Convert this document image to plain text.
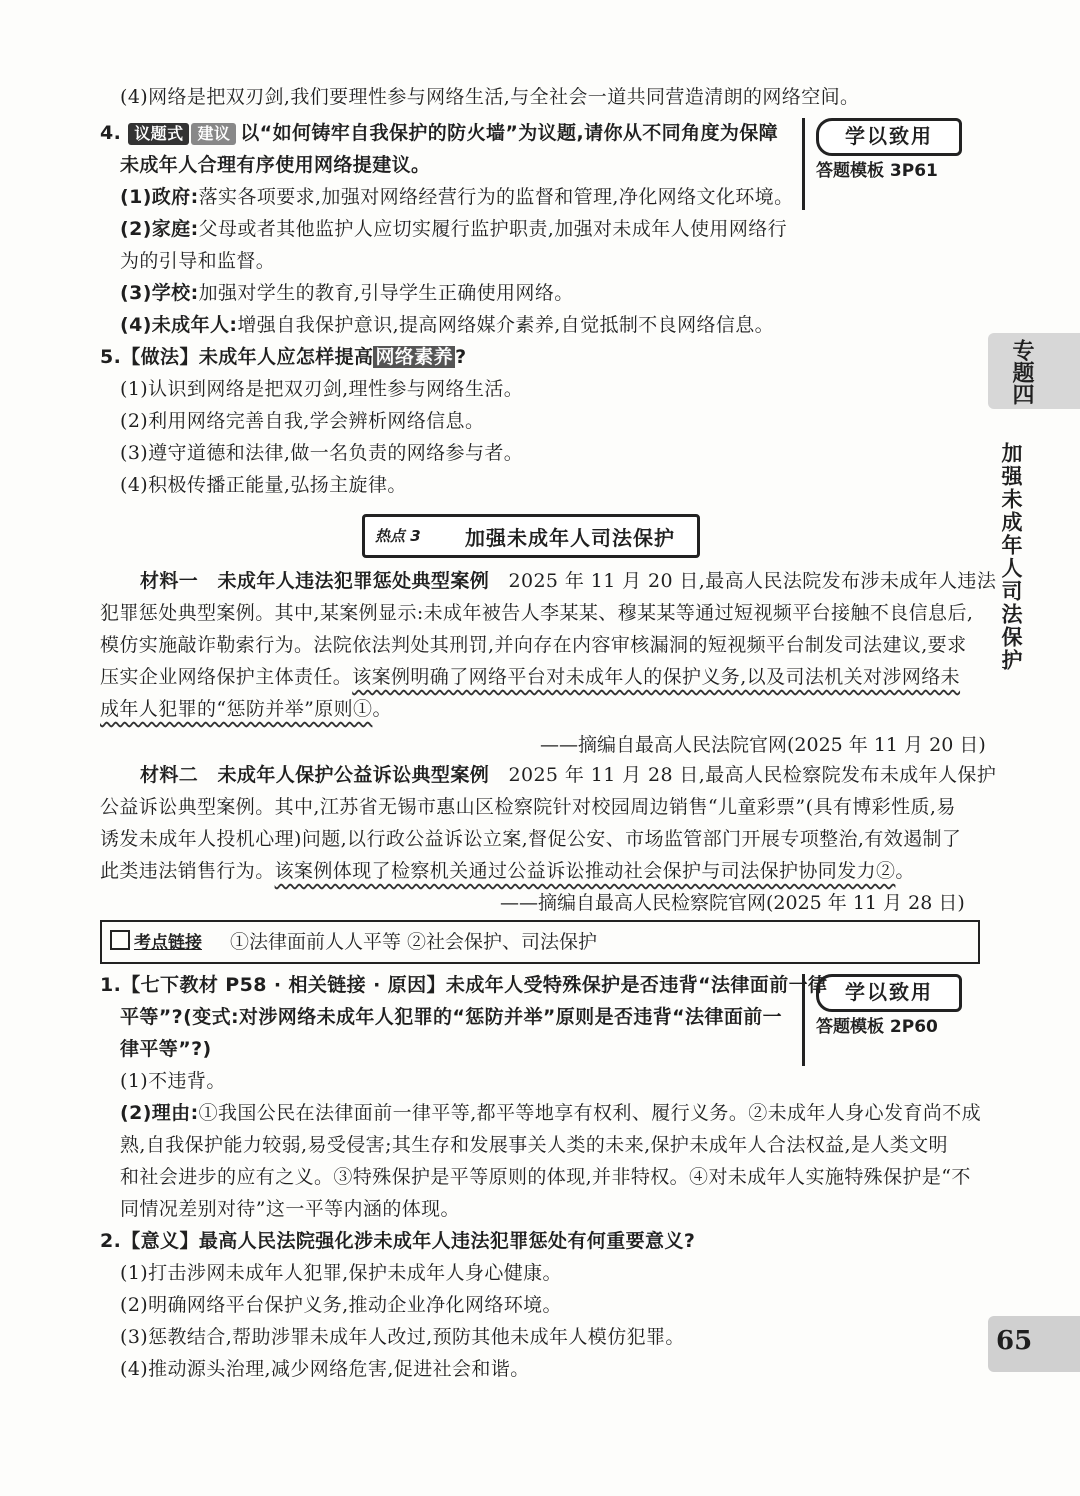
(4)网络是把双刃剑,我们要理性参与网络生活,与全社会一道共同营造清朗的网络空间。
4. 议题式 建议 以“如何铸牢自我保护的防火墙”为议题,请你从不同角度为保障
未成年人合理有序使用网络提建议。
(1)政府:落实各项要求,加强对网络经营行为的监督和管理,净化网络文化环境。
(2)家庭:父母或者其他监护人应切实履行监护职责,加强对未成年人使用网络行
为的引导和监督。
(3)学校:加强对学生的教育,引导学生正确使用网络。
(4)未成年人:增强自我保护意识,提高网络媒介素养,自觉抵制不良网络信息。
学以致用
答题模板 3P61
5.【做法】未成年人应怎样提高 网络素养 ?
(1)认识到网络是把双刃剑,理性参与网络生活。
(2)利用网络完善自我,学会辨析网络信息。
(3)遵守道德和法律,做一名负责的网络参与者。
(4)积极传播正能量,弘扬主旋律。
热点 3 加强未成年人司法保护
材料一 未成年人违法犯罪惩处典型案例 2025 年 11 月 20 日,最高人民法院发布涉未成年人违法
犯罪惩处典型案例。其中,某案例显示:未成年被告人李某某、穆某某等通过短视频平台接触不良信息后,
模仿实施敲诈勒索行为。法院依法判处其刑罚,并向存在内容审核漏洞的短视频平台制发司法建议,要求
压实企业网络保护主体责任。该案例明确了网络平台对未成年人的保护义务,以及司法机关对涉网络未
成年人犯罪的“惩防并举”原则①。
——摘编自最高人民法院官网(2025 年 11 月 20 日)
材料二 未成年人保护公益诉讼典型案例 2025 年 11 月 28 日,最高人民检察院发布未成年人保护
公益诉讼典型案例。其中,江苏省无锡市惠山区检察院针对校园周边销售“儿童彩票”(具有博彩性质,易
诱发未成年人投机心理)问题,以行政公益诉讼立案,督促公安、市场监管部门开展专项整治,有效遏制了
此类违法销售行为。该案例体现了检察机关通过公益诉讼推动社会保护与司法保护协同发力②。
——摘编自最高人民检察院官网(2025 年 11 月 28 日)
考点链接 ①法律面前人人平等 ②社会保护、司法保护
学以致用
答题模板 2P60
1.【七下教材 P58 · 相关链接 · 原因】未成年人受特殊保护是否违背“法律面前一律
平等”?(变式:对涉网络未成年人犯罪的“惩防并举”原则是否违背“法律面前一
律平等”?)
(1)不违背。
(2)理由:①我国公民在法律面前一律平等,都平等地享有权利、履行义务。②未成年人身心发育尚不成
熟,自我保护能力较弱,易受侵害;其生存和发展事关人类的未来,保护未成年人合法权益,是人类文明
和社会进步的应有之义。③特殊保护是平等原则的体现,并非特权。④对未成年人实施特殊保护是“不
同情况差别对待”这一平等内涵的体现。
2.【意义】最高人民法院强化涉未成年人违法犯罪惩处有何重要意义?
(1)打击涉网未成年人犯罪,保护未成年人身心健康。
(2)明确网络平台保护义务,推动企业净化网络环境。
(3)惩教结合,帮助涉罪未成年人改过,预防其他未成年人模仿犯罪。
(4)推动源头治理,减少网络危害,促进社会和谐。
专题四
加强未成年人司法保护
65
